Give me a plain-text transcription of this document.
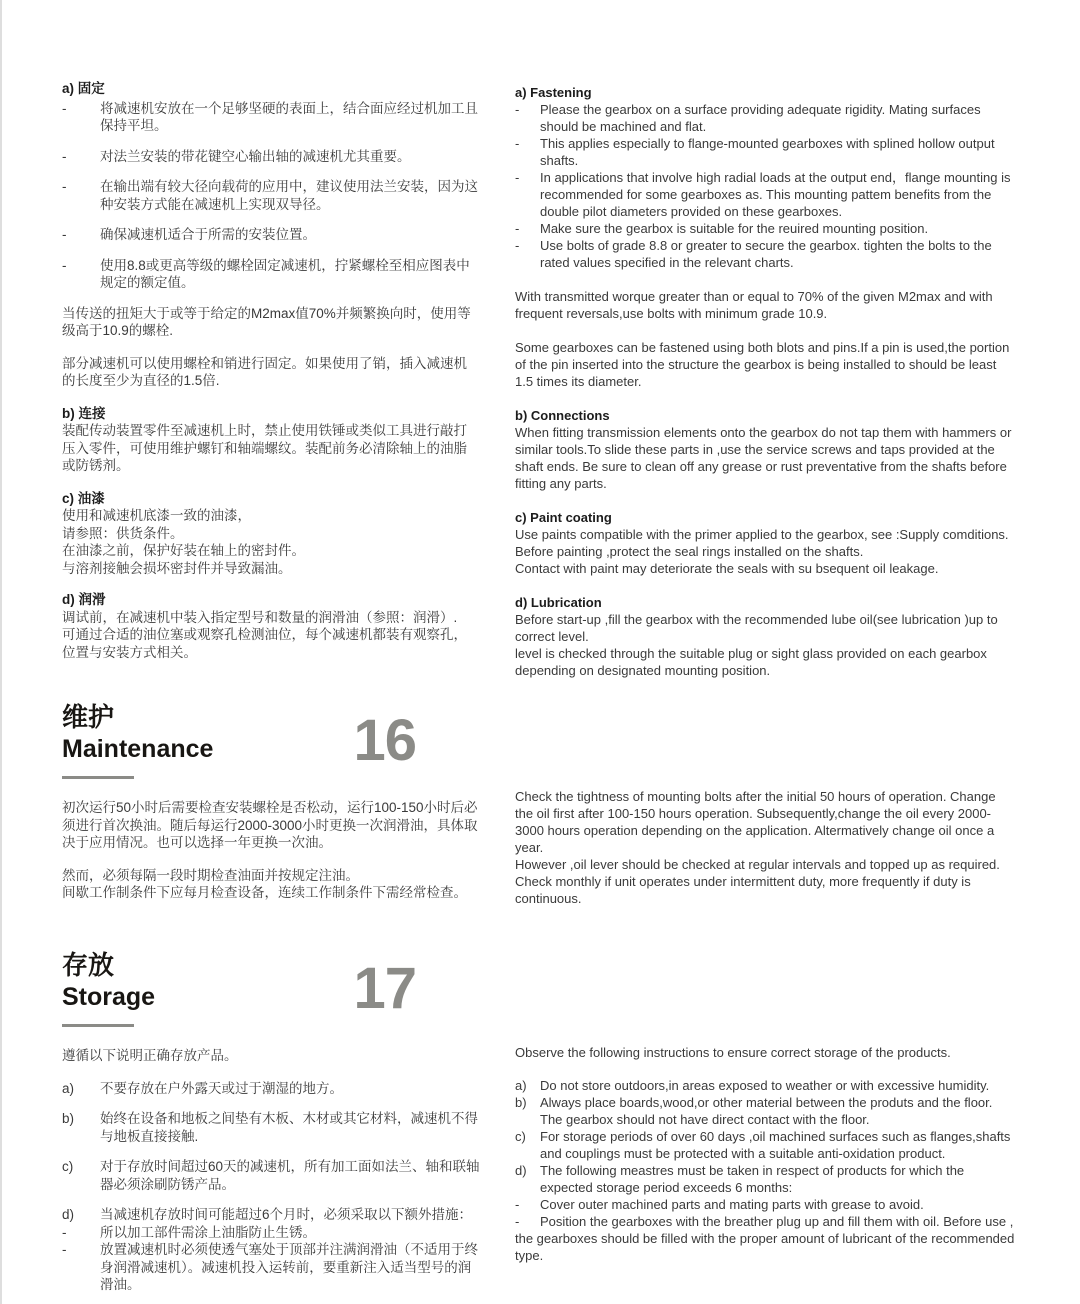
a) 固定
-	将减速机安放在一个足够坚硬的表面上，结合面应经过机加工且保持平坦。
-	对法兰安装的带花键空心输出轴的减速机尤其重要。
-	在输出端有较大径向载荷的应用中，建议使用法兰安装，因为这种安装方式能在减速机上实现双导径。
-	确保减速机适合于所需的安装位置。
-	使用8.8或更高等级的螺栓固定减速机，拧紧螺栓至相应图表中规定的额定值。
当传送的扭矩大于或等于给定的M2max值70%并频繁换向时，使用等级高于10.9的螺栓.
部分减速机可以使用螺栓和销进行固定。如果使用了销，插入减速机的长度至少为直径的1.5倍.
b) 连接
装配传动装置零件至减速机上时，禁止使用铁锤或类似工具进行敲打压入零件，可使用维护螺钉和轴端螺纹。装配前务必清除轴上的油脂或防锈剂。
c) 油漆
使用和减速机底漆一致的油漆，
请参照：供货条件。
在油漆之前，保护好装在轴上的密封件。
与溶剂接触会损坏密封件并导致漏油。
d) 润滑
调试前，在减速机中装入指定型号和数量的润滑油（参照：润滑）.
可通过合适的油位塞或观察孔检测油位，每个减速机都装有观察孔，位置与安装方式相关。
a) Fastening
-	Please the gearbox on a surface providing adequate rigidity. Mating surfaces should be machined and flat.
-	This applies especially to flange-mounted gearboxes with splined hollow output shafts.
-	In applications that involve high radial loads at the output end，flange mounting is recommended for some gearboxes as. This mounting pattem benefits from the double pilot diameters provided on these gearboxes.
-	Make sure the gearbox is suitable for the reuired mounting position.
-	Use bolts of grade 8.8 or greater to secure the gearbox. tighten the bolts to the rated values specified in the relevant charts.
With transmitted worque greater than or equal to 70% of the given M2max and with frequent reversals,use bolts with minimum grade 10.9.
Some gearboxes can be fastened using both blots and pins.If a pin is used,the portion of the pin inserted into the structure the gearbox is being installed to should be least 1.5 times its diameter.
b) Connections
When fitting transmission elements onto the gearbox do not tap them with hammers or similar tools.To slide these parts in ,use the service screws and taps provided at the shaft ends. Be sure to clean off any grease or rust preventative from the shafts before fitting any parts.
c) Paint coating
Use paints compatible with the primer applied to the gearbox, see :Supply comditions.
Before painting ,protect the seal rings installed on the shafts.
Contact with paint may deteriorate the seals with su bsequent oil leakage.
d) Lubrication
Before start-up ,fill the gearbox with the recommended lube oil(see lubrication )up to correct level.
level is checked through the suitable plug or sight glass provided on each gearbox depending on designated mounting position.
维护
Maintenance	16
初次运行50小时后需要检查安装螺栓是否松动，运行100-150小时后必须进行首次换油。随后每运行2000-3000小时更换一次润滑油，具体取决于应用情况。也可以选择一年更换一次油。
然而，必须每隔一段时期检查油面并按规定注油。
间歇工作制条件下应每月检查设备，连续工作制条件下需经常检查。
Check the tightness of mounting bolts after the initial 50 hours of operation. Change the oil first after 100-150 hours operation. Subsequently,change the oil every 2000-3000 hours operation depending on the application. Altermatively change oil once a year.
However ,oil lever should be checked at regular intervals and topped up as required.
Check monthly if unit operates under intermittent duty, more frequently if duty is continuous.
存放
Storage	17
遵循以下说明正确存放产品。
a)	不要存放在户外露天或过于潮湿的地方。
b)	始终在设备和地板之间垫有木板、木材或其它材料，减速机不得与地板直接接触.
c)	对于存放时间超过60天的减速机，所有加工面如法兰、轴和联轴器必须涂刷防锈产品。
d)	当减速机存放时间可能超过6个月时，必须采取以下额外措施：
-	所以加工部件需涂上油脂防止生锈。
-	放置减速机时必须使透气塞处于顶部并注满润滑油（不适用于终身润滑减速机）。减速机投入运转前，要重新注入适当型号的润滑油。
Observe the following instructions to ensure correct storage of the products.
a)	Do not store outdoors,in areas exposed to weather or with excessive humidity.
b)	Always place boards,wood,or other material between the produts and the floor. The gearbox should not have direct contact with the floor.
c)	For storage periods of over 60 days ,oil machined surfaces such as flanges,shafts and couplings must be protected with a suitable anti-oxidation product.
d)	The following meastres must be taken in respect of products for which the expected storage period exceeds 6 months:
-	Cover outer machined parts and mating parts with grease to avoid.
- Position the gearboxes with the breather plug up and fill them with oil. Before use , the gearboxes should be filled with the proper amount of lubricant of the recommended type.
